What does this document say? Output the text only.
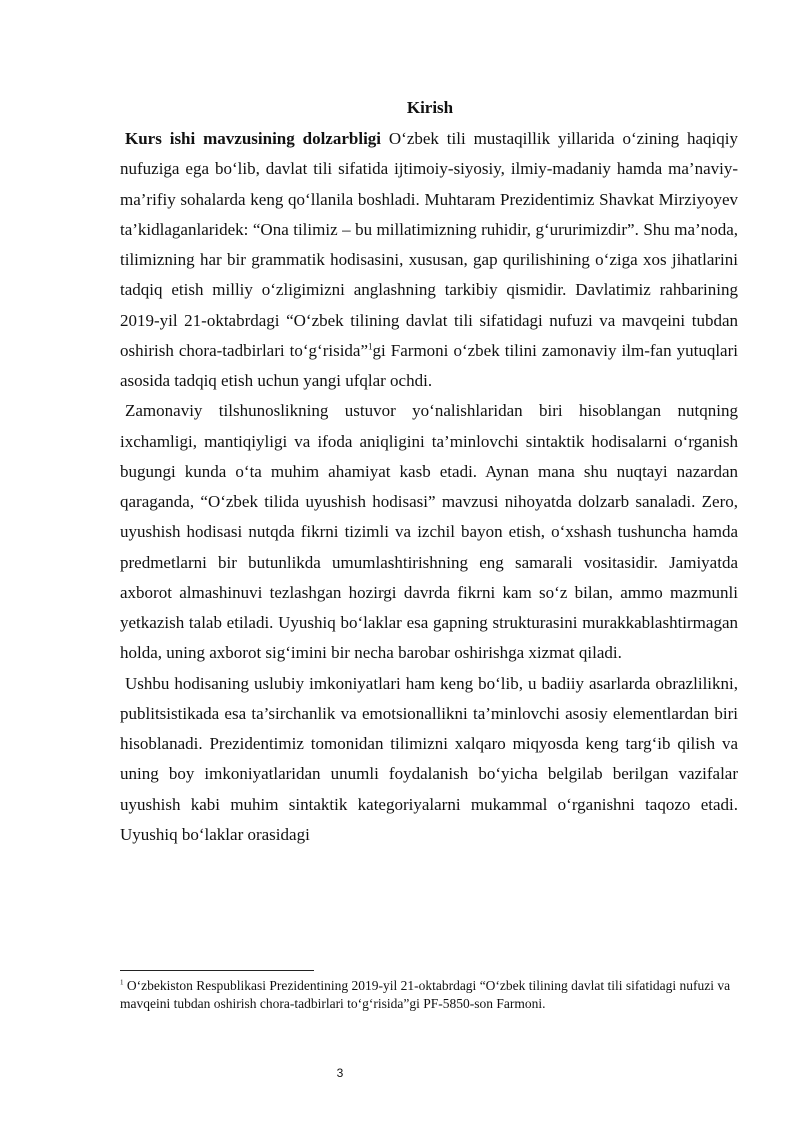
Kirish

Kurs ishi mavzusining dolzarbligi O‘zbek tili mustaqillik yillarida o‘zining haqiqiy nufuziga ega bo‘lib, davlat tili sifatida ijtimoiy-siyosiy, ilmiy-madaniy hamda ma’naviy-ma’rifiy sohalarda keng qo‘llanila boshladi. Muhtaram Prezidentimiz Shavkat Mirziyoyev ta’kidlaganlaridek: “Ona tilimiz – bu millatimizning ruhidir, g‘ururimizdir”. Shu ma’noda, tilimizning har bir grammatik hodisasini, xususan, gap qurilishining o‘ziga xos jihatlarini tadqiq etish milliy o‘zligimizni anglashning tarkibiy qismidir. Davlatimiz rahbarining 2019-yil 21-oktabrdagi “O‘zbek tilining davlat tili sifatidagi nufuzi va mavqeini tubdan oshirish chora-tadbirlari to‘g‘risida”$^1$gi Farmoni o‘zbek tilini zamonaviy ilm-fan yutuqlari asosida tadqiq etish uchun yangi ufqlar ochdi.

Zamonaviy tilshunoslikning ustuvor yo‘nalishlaridan biri hisoblangan nutqning ixchamligi, mantiqiyligi va ifoda aniqligini ta’minlovchi sintaktik hodisalarni o‘rganish bugungi kunda o‘ta muhim ahamiyat kasb etadi. Aynan mana shu nuqtayi nazardan qaraganda, “O‘zbek tilida uyushish hodisasi” mavzusi nihoyatda dolzarb sanaladi. Zero, uyushish hodisasi nutqda fikrni tizimli va izchil bayon etish, o‘xshash tushuncha hamda predmetlarni bir butunlikda umumlashtirishning eng samarali vositasidir. Jamiyatda axborot almashinuvi tezlashgan hozirgi davrda fikrni kam so‘z bilan, ammo mazmunli yetkazish talab etiladi. Uyushiq bo‘laklar esa gapning strukturasini murakkablashtirmagan holda, uning axborot sig‘imini bir necha barobar oshirishga xizmat qiladi.

Ushbu hodisaning uslubiy imkoniyatlari ham keng bo‘lib, u badiiy asarlarda obrazlilikni, publitsistikada esa ta’sirchanlik va emotsionallikni ta’minlovchi asosiy elementlardan biri hisoblanadi. Prezidentimiz tomonidan tilimizni xalqaro miqyosda keng targ‘ib qilish va uning boy imkoniyatlaridan unumli foydalanish bo‘yicha belgilab berilgan vazifalar uyushish kabi muhim sintaktik kategoriyalarni mukammal o‘rganishni taqozo etadi. Uyushiq bo‘laklar orasidagi

$^1$ O‘zbekiston Respublikasi Prezidentining 2019-yil 21-oktabrdagi “O‘zbek tilining davlat tili sifatidagi nufuzi va mavqeini tubdan oshirish chora-tadbirlari to‘g‘risida”gi PF-5850-son Farmoni.
3
